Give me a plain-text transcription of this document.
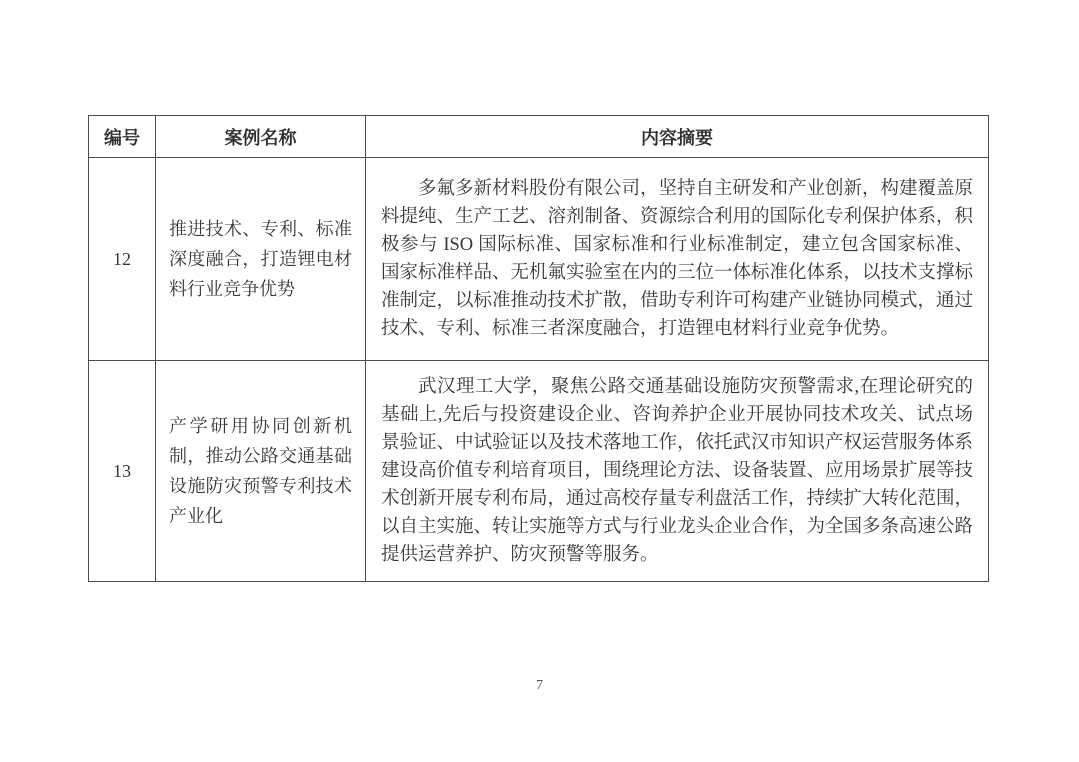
编号	案例名称	内容摘要
12	推进技术、专利、标准深度融合，打造锂电材料行业竞争优势	多氟多新材料股份有限公司，坚持自主研发和产业创新，构建覆盖原料提纯、生产工艺、溶剂制备、资源综合利用的国际化专利保护体系，积极参与 ISO 国际标准、国家标准和行业标准制定，建立包含国家标准、国家标准样品、无机氟实验室在内的三位一体标准化体系，以技术支撑标准制定，以标准推动技术扩散，借助专利许可构建产业链协同模式，通过技术、专利、标准三者深度融合，打造锂电材料行业竞争优势。

13	产学研用协同创新机制，推动公路交通基础设施防灾预警专利技术产业化	武汉理工大学，聚焦公路交通基础设施防灾预警需求,在理论研究的基础上,先后与投资建设企业、咨询养护企业开展协同技术攻关、试点场景验证、中试验证以及技术落地工作，依托武汉市知识产权运营服务体系建设高价值专利培育项目，围绕理论方法、设备装置、应用场景扩展等技术创新开展专利布局，通过高校存量专利盘活工作，持续扩大转化范围，以自主实施、转让实施等方式与行业龙头企业合作，为全国多条高速公路提供运营养护、防灾预警等服务。

7
